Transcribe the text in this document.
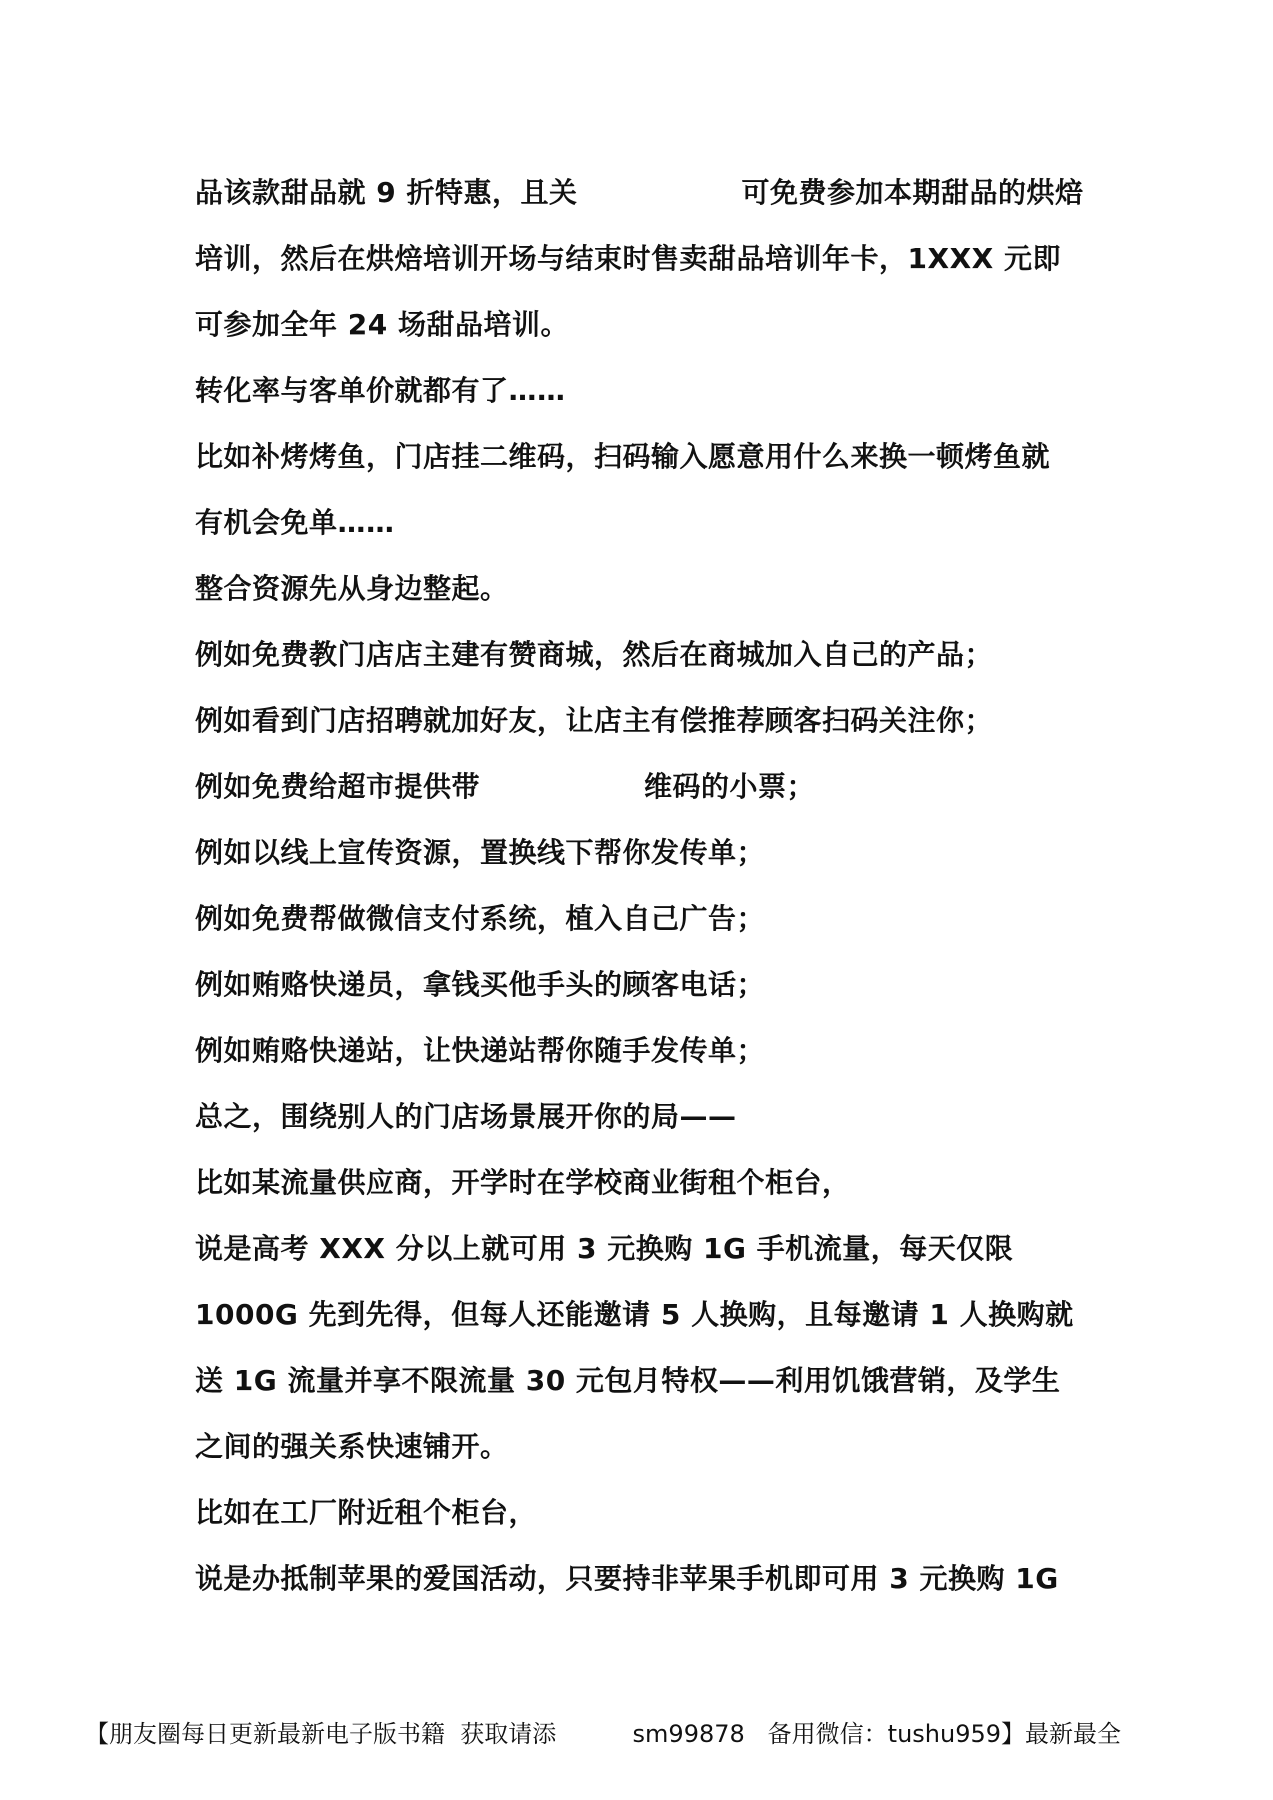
品该款甜品就 9 折特惠，且关                可免费参加本期甜品的烘焙
培训，然后在烘焙培训开场与结束时售卖甜品培训年卡，1XXX 元即
可参加全年 24 场甜品培训。
转化率与客单价就都有了……
比如补烤烤鱼，门店挂二维码，扫码输入愿意用什么来换一顿烤鱼就
有机会免单……
整合资源先从身边整起。
例如免费教门店店主建有赞商城，然后在商城加入自己的产品；
例如看到门店招聘就加好友，让店主有偿推荐顾客扫码关注你；
例如免费给超市提供带                维码的小票；
例如以线上宣传资源，置换线下帮你发传单；
例如免费帮做微信支付系统，植入自己广告；
例如贿赂快递员，拿钱买他手头的顾客电话；
例如贿赂快递站，让快递站帮你随手发传单；
总之，围绕别人的门店场景展开你的局——
比如某流量供应商，开学时在学校商业街租个柜台，
说是高考 XXX 分以上就可用 3 元换购 1G 手机流量，每天仅限
1000G 先到先得，但每人还能邀请 5 人换购，且每邀请 1 人换购就
送 1G 流量并享不限流量 30 元包月特权——利用饥饿营销，及学生
之间的强关系快速铺开。
比如在工厂附近租个柜台，
说是办抵制苹果的爱国活动，只要持非苹果手机即可用 3 元换购 1G
【朋友圈每日更新最新电子版书籍  获取请添          sm99878   备用微信：tushu959】最新最全
